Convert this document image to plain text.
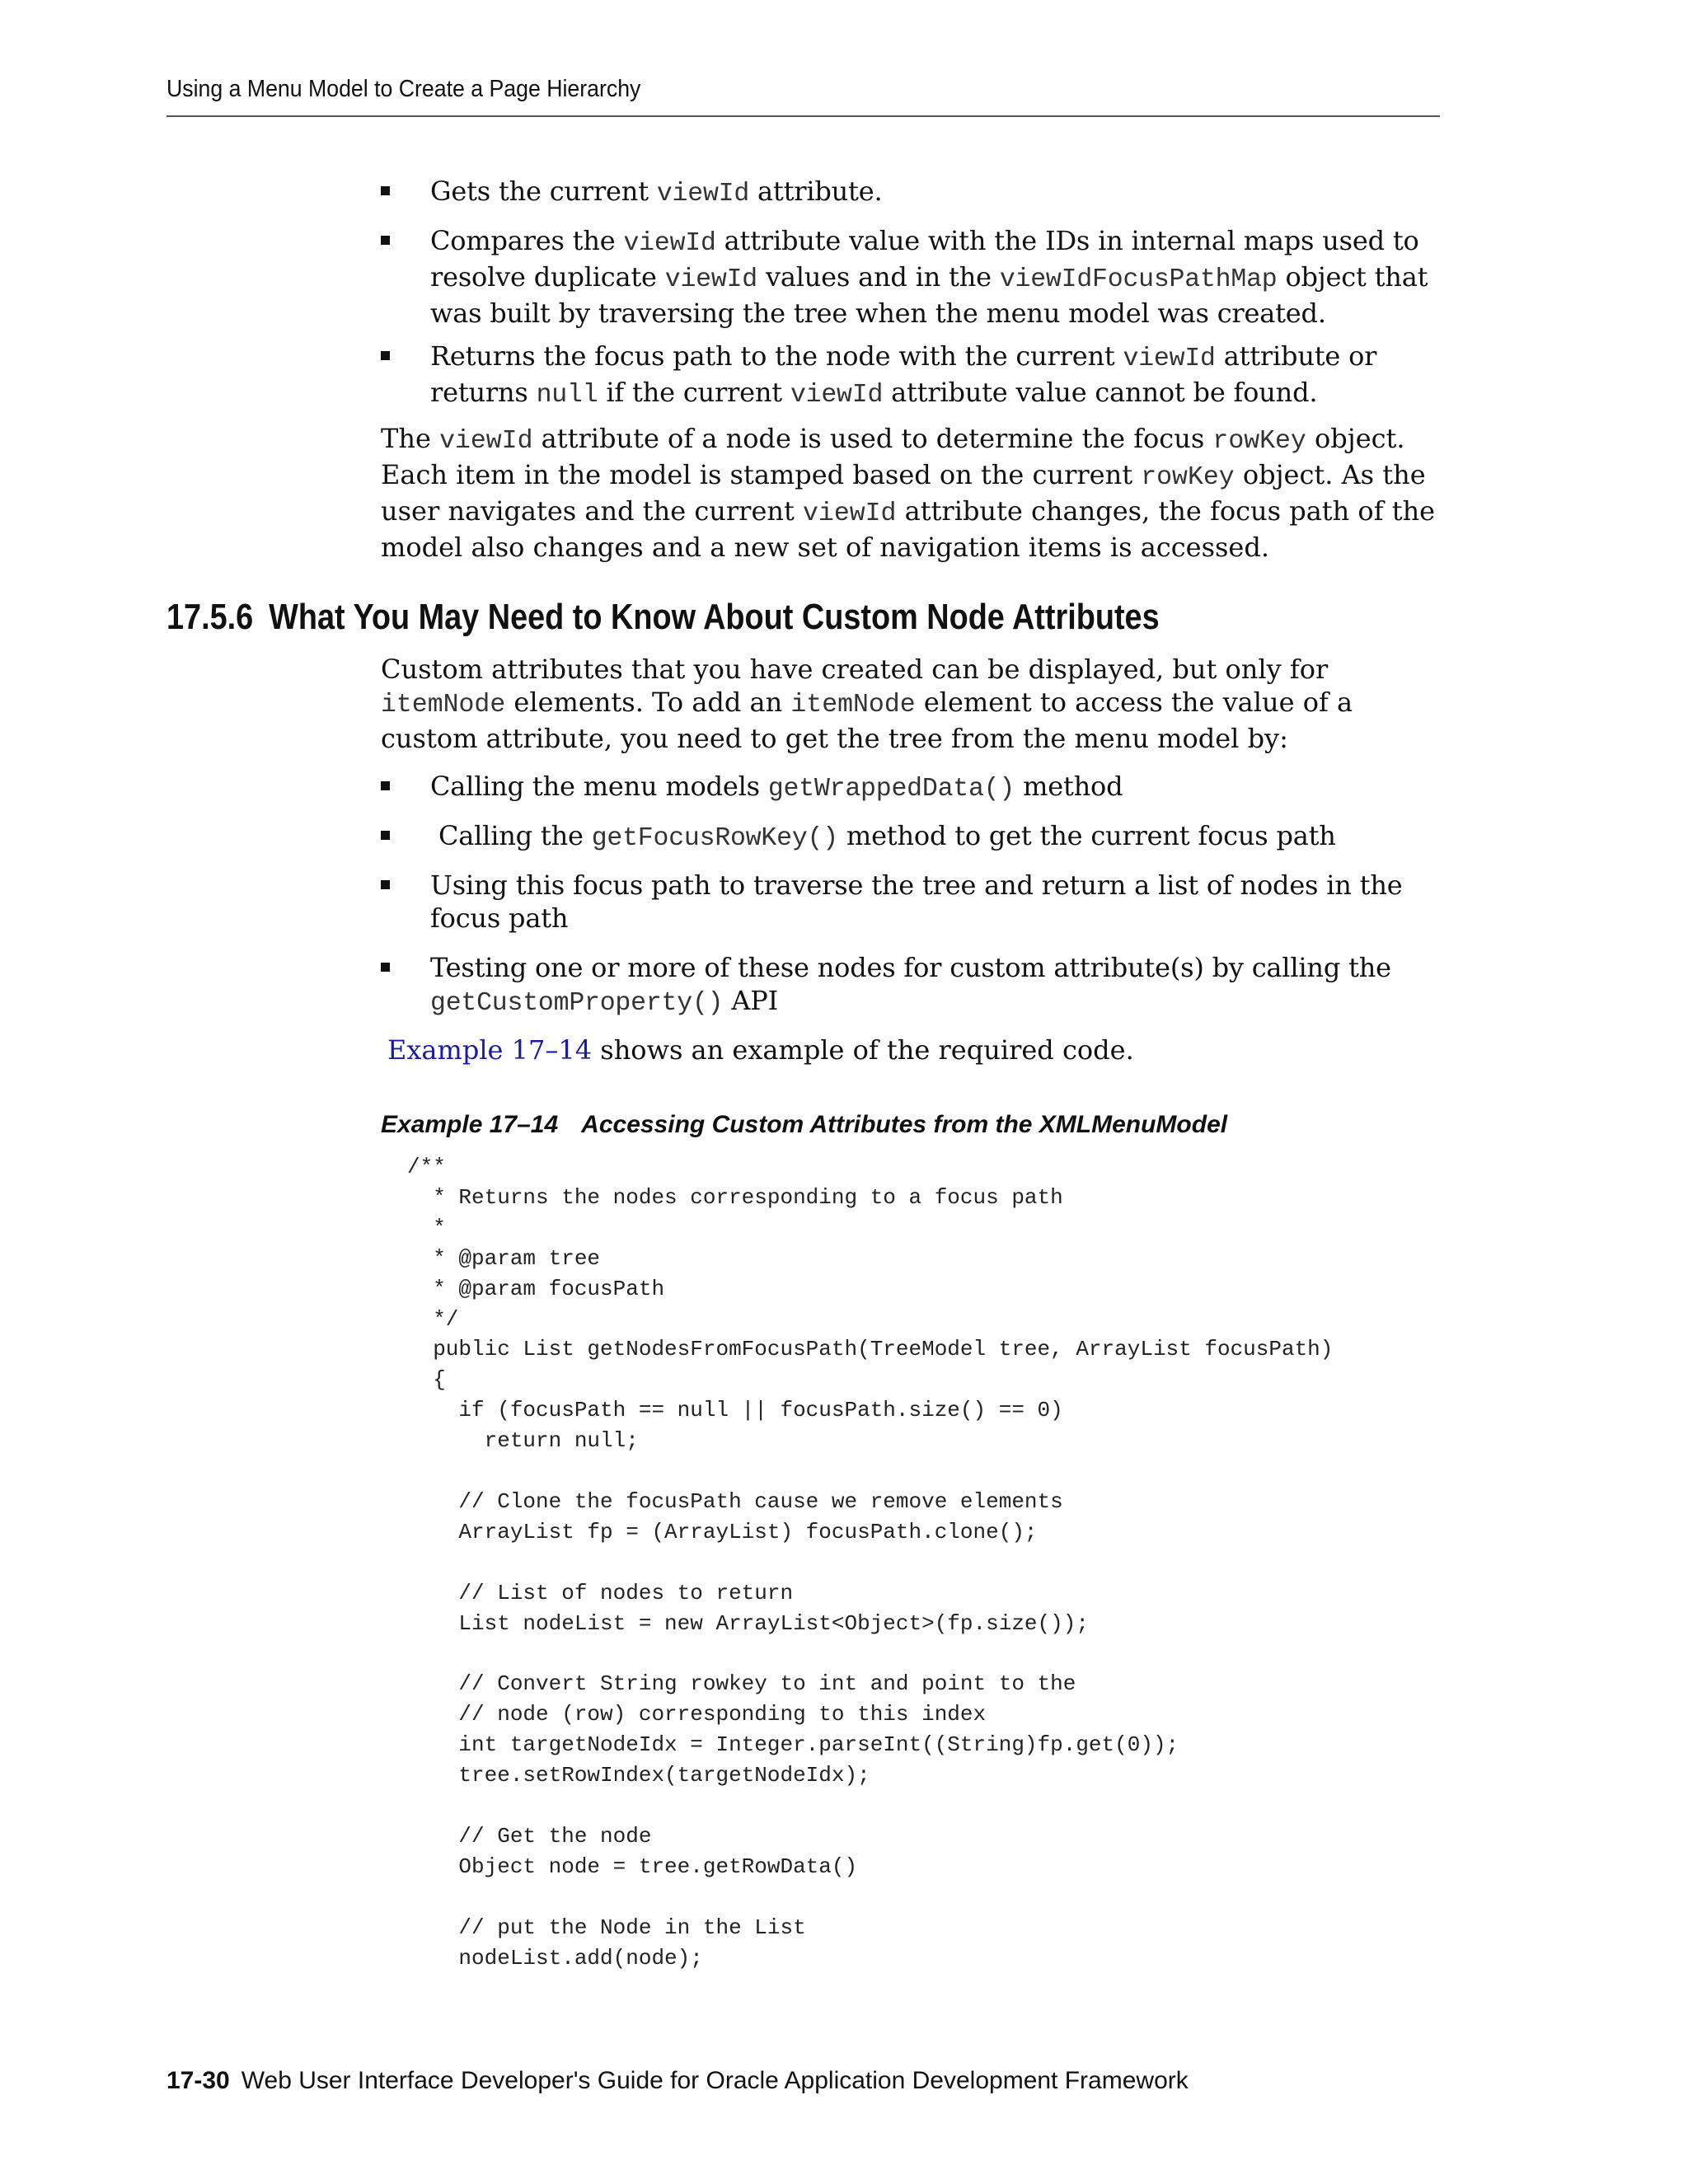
Using a Menu Model to Create a Page Hierarchy
Gets the current viewId attribute.
Compares the viewId attribute value with the IDs in internal maps used to resolve duplicate viewId values and in the viewIdFocusPathMap object that was built by traversing the tree when the menu model was created.
Returns the focus path to the node with the current viewId attribute or returns null if the current viewId attribute value cannot be found.

The viewId attribute of a node is used to determine the focus rowKey object. Each item in the model is stamped based on the current rowKey object. As the user navigates and the current viewId attribute changes, the focus path of the model also changes and a new set of navigation items is accessed.

17.5.6 What You May Need to Know About Custom Node Attributes

Custom attributes that you have created can be displayed, but only for itemNode elements. To add an itemNode element to access the value of a custom attribute, you need to get the tree from the menu model by:

Calling the menu models getWrappedData() method
Calling the getFocusRowKey() method to get the current focus path
Using this focus path to traverse the tree and return a list of nodes in the focus path
Testing one or more of these nodes for custom attribute(s) by calling the getCustomProperty() API

Example 17–14 shows an example of the required code.

Example 17–14 Accessing Custom Attributes from the XMLMenuModel
/**
* Returns the nodes corresponding to a focus path
*
* @param tree
* @param focusPath
*/
public List getNodesFromFocusPath(TreeModel tree, ArrayList focusPath)
{
if (focusPath == null || focusPath.size() == 0)
return null;

// Clone the focusPath cause we remove elements
ArrayList fp = (ArrayList) focusPath.clone();

// List of nodes to return
List nodeList = new ArrayList<Object>(fp.size());

// Convert String rowkey to int and point to the
// node (row) corresponding to this index
int targetNodeIdx = Integer.parseInt((String)fp.get(0));
tree.setRowIndex(targetNodeIdx);

// Get the node
Object node = tree.getRowData()

// put the Node in the List
nodeList.add(node);
17-30 Web User Interface Developer's Guide for Oracle Application Development Framework
